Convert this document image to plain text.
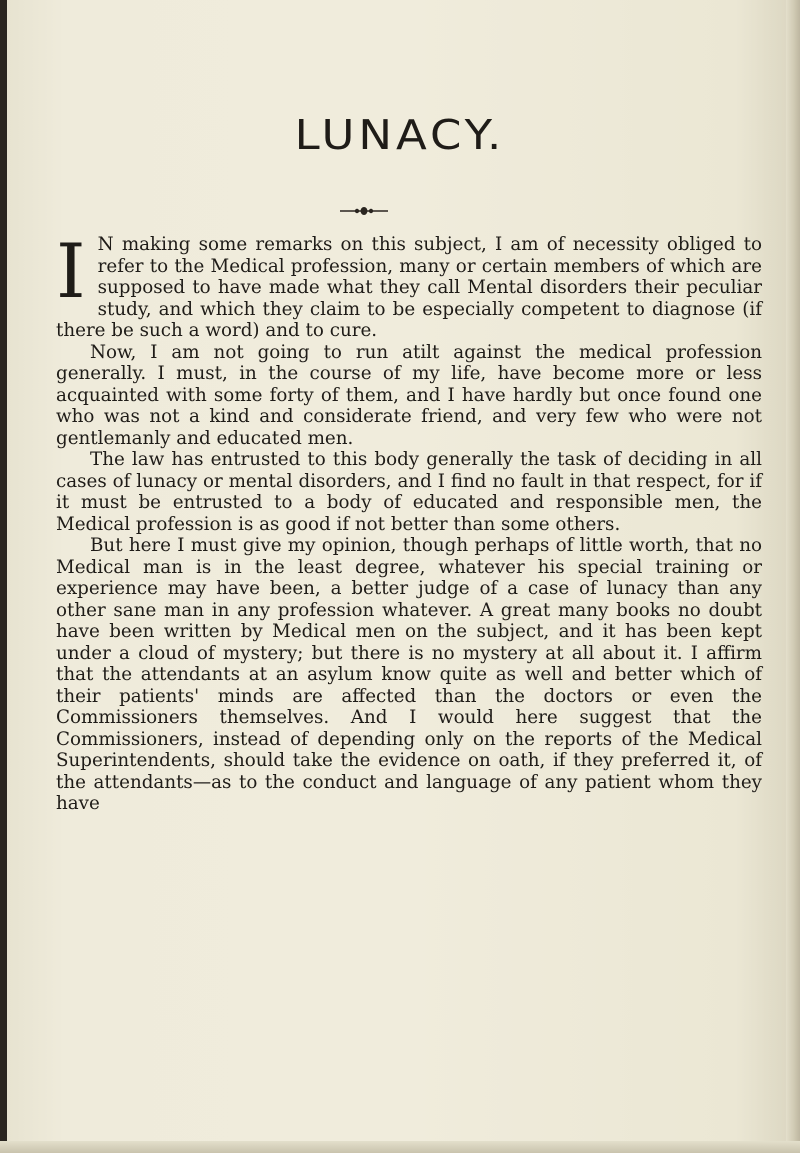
LUNACY.

I N making some remarks on this subject, I am of necessity obliged to refer to the Medical profession, many or certain members of which are supposed to have made what they call Mental disorders their peculiar study, and which they claim to be especially competent to diagnose (if there be such a word) and to cure.

Now, I am not going to run atilt against the medical profession generally. I must, in the course of my life, have become more or less acquainted with some forty of them, and I have hardly but once found one who was not a kind and considerate friend, and very few who were not gentlemanly and educated men.

The law has entrusted to this body generally the task of deciding in all cases of lunacy or mental disorders, and I find no fault in that respect, for if it must be entrusted to a body of educated and responsible men, the Medical profession is as good if not better than some others.

But here I must give my opinion, though perhaps of little worth, that no Medical man is in the least degree, whatever his special training or experience may have been, a better judge of a case of lunacy than any other sane man in any profession whatever. A great many books no doubt have been written by Medical men on the subject, and it has been kept under a cloud of mystery; but there is no mystery at all about it. I affirm that the attendants at an asylum know quite as well and better which of their patients' minds are affected than the doctors or even the Commissioners themselves. And I would here suggest that the Commissioners, instead of depending only on the reports of the Medical Superintendents, should take the evidence on oath, if they preferred it, of the attendants—as to the conduct and language of any patient whom they have
